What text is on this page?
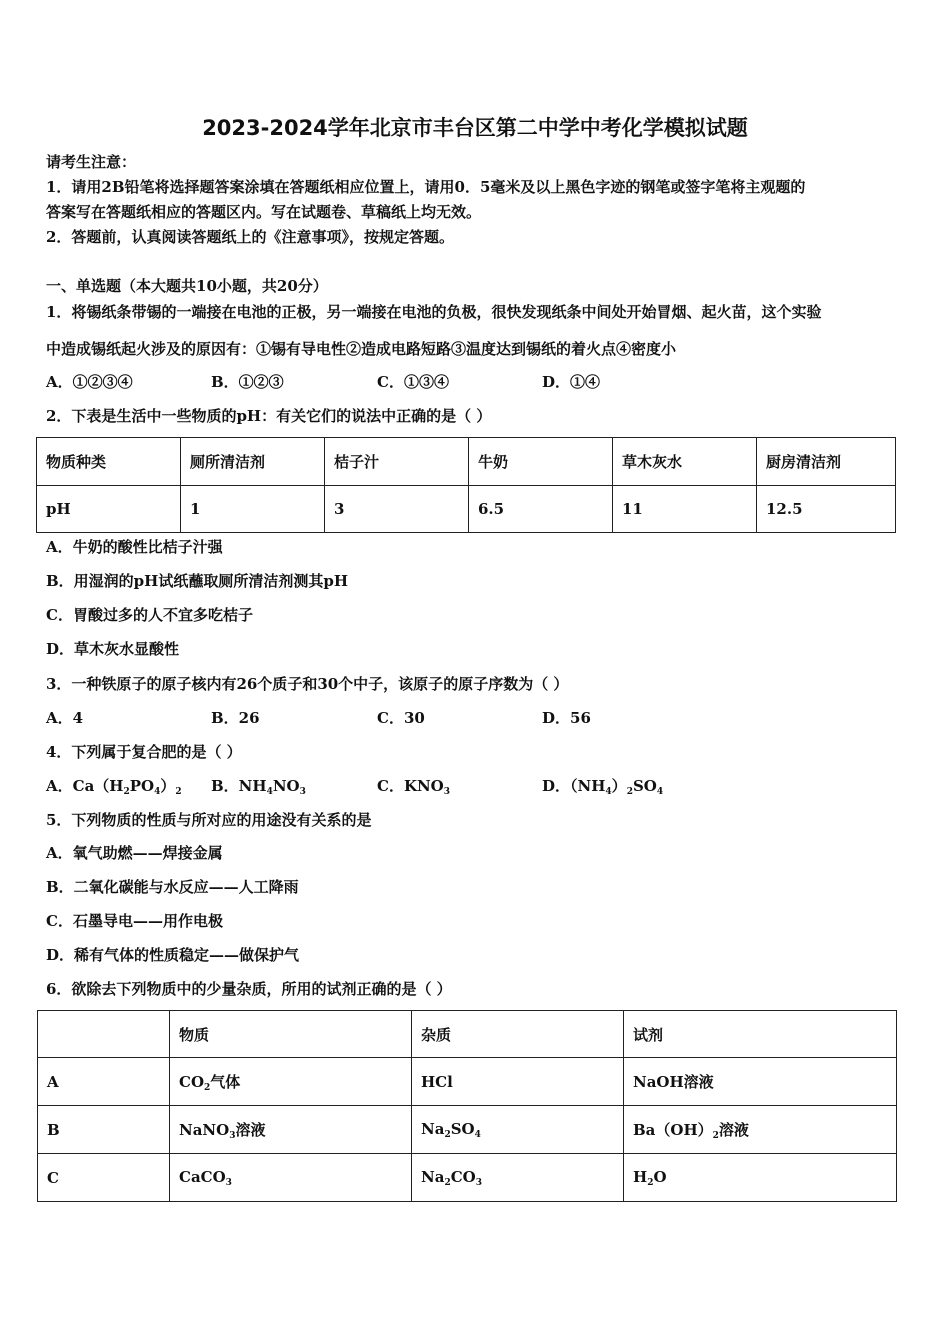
2023-2024学年北京市丰台区第二中学中考化学模拟试题
请考生注意：
1．请用2B铅笔将选择题答案涂填在答题纸相应位置上，请用0．5毫米及以上黑色字迹的钢笔或签字笔将主观题的
答案写在答题纸相应的答题区内。写在试题卷、草稿纸上均无效。
2．答题前，认真阅读答题纸上的《注意事项》，按规定答题。
一、单选题（本大题共10小题，共20分）
1．将锡纸条带锡的一端接在电池的正极，另一端接在电池的负极，很快发现纸条中间处开始冒烟、起火苗，这个实验
中造成锡纸起火涉及的原因有：①锡有导电性②造成电路短路③温度达到锡纸的着火点④密度小
A．①②③④	B．①②③	C．①③④	D．①④
2．下表是生活中一些物质的pH：有关它们的说法中正确的是（ ）
物质种类	厕所清洁剂	桔子汁	牛奶	草木灰水	厨房清洁剂
pH	1	3	6.5	11	12.5
A．牛奶的酸性比桔子汁强
B．用湿润的pH试纸蘸取厕所清洁剂测其pH
C．胃酸过多的人不宜多吃桔子
D．草木灰水显酸性
3．一种铁原子的原子核内有26个质子和30个中子，该原子的原子序数为（ ）
A．4	B．26	C．30	D．56
4．下列属于复合肥的是（ ）
A．$Ca(H_2PO_4)_2$ B．$NH_4NO_3$	C．$KNO_3$	D．$(NH_4)_2SO_4$
5．下列物质的性质与所对应的用途没有关系的是
A．氧气助燃——焊接金属
B．二氧化碳能与水反应——人工降雨
C．石墨导电——用作电极
D．稀有气体的性质稳定——做保护气
6．欲除去下列物质中的少量杂质，所用的试剂正确的是（ ）
	物质	杂质	试剂
A	$CO_2$气体	HCl	NaOH溶液
B	NaNO$_3$溶液	$Na_2SO_4$	$Ba(OH)_2$溶液
C	CaCO$_3$	$Na_2CO_3$	$H_2O$
